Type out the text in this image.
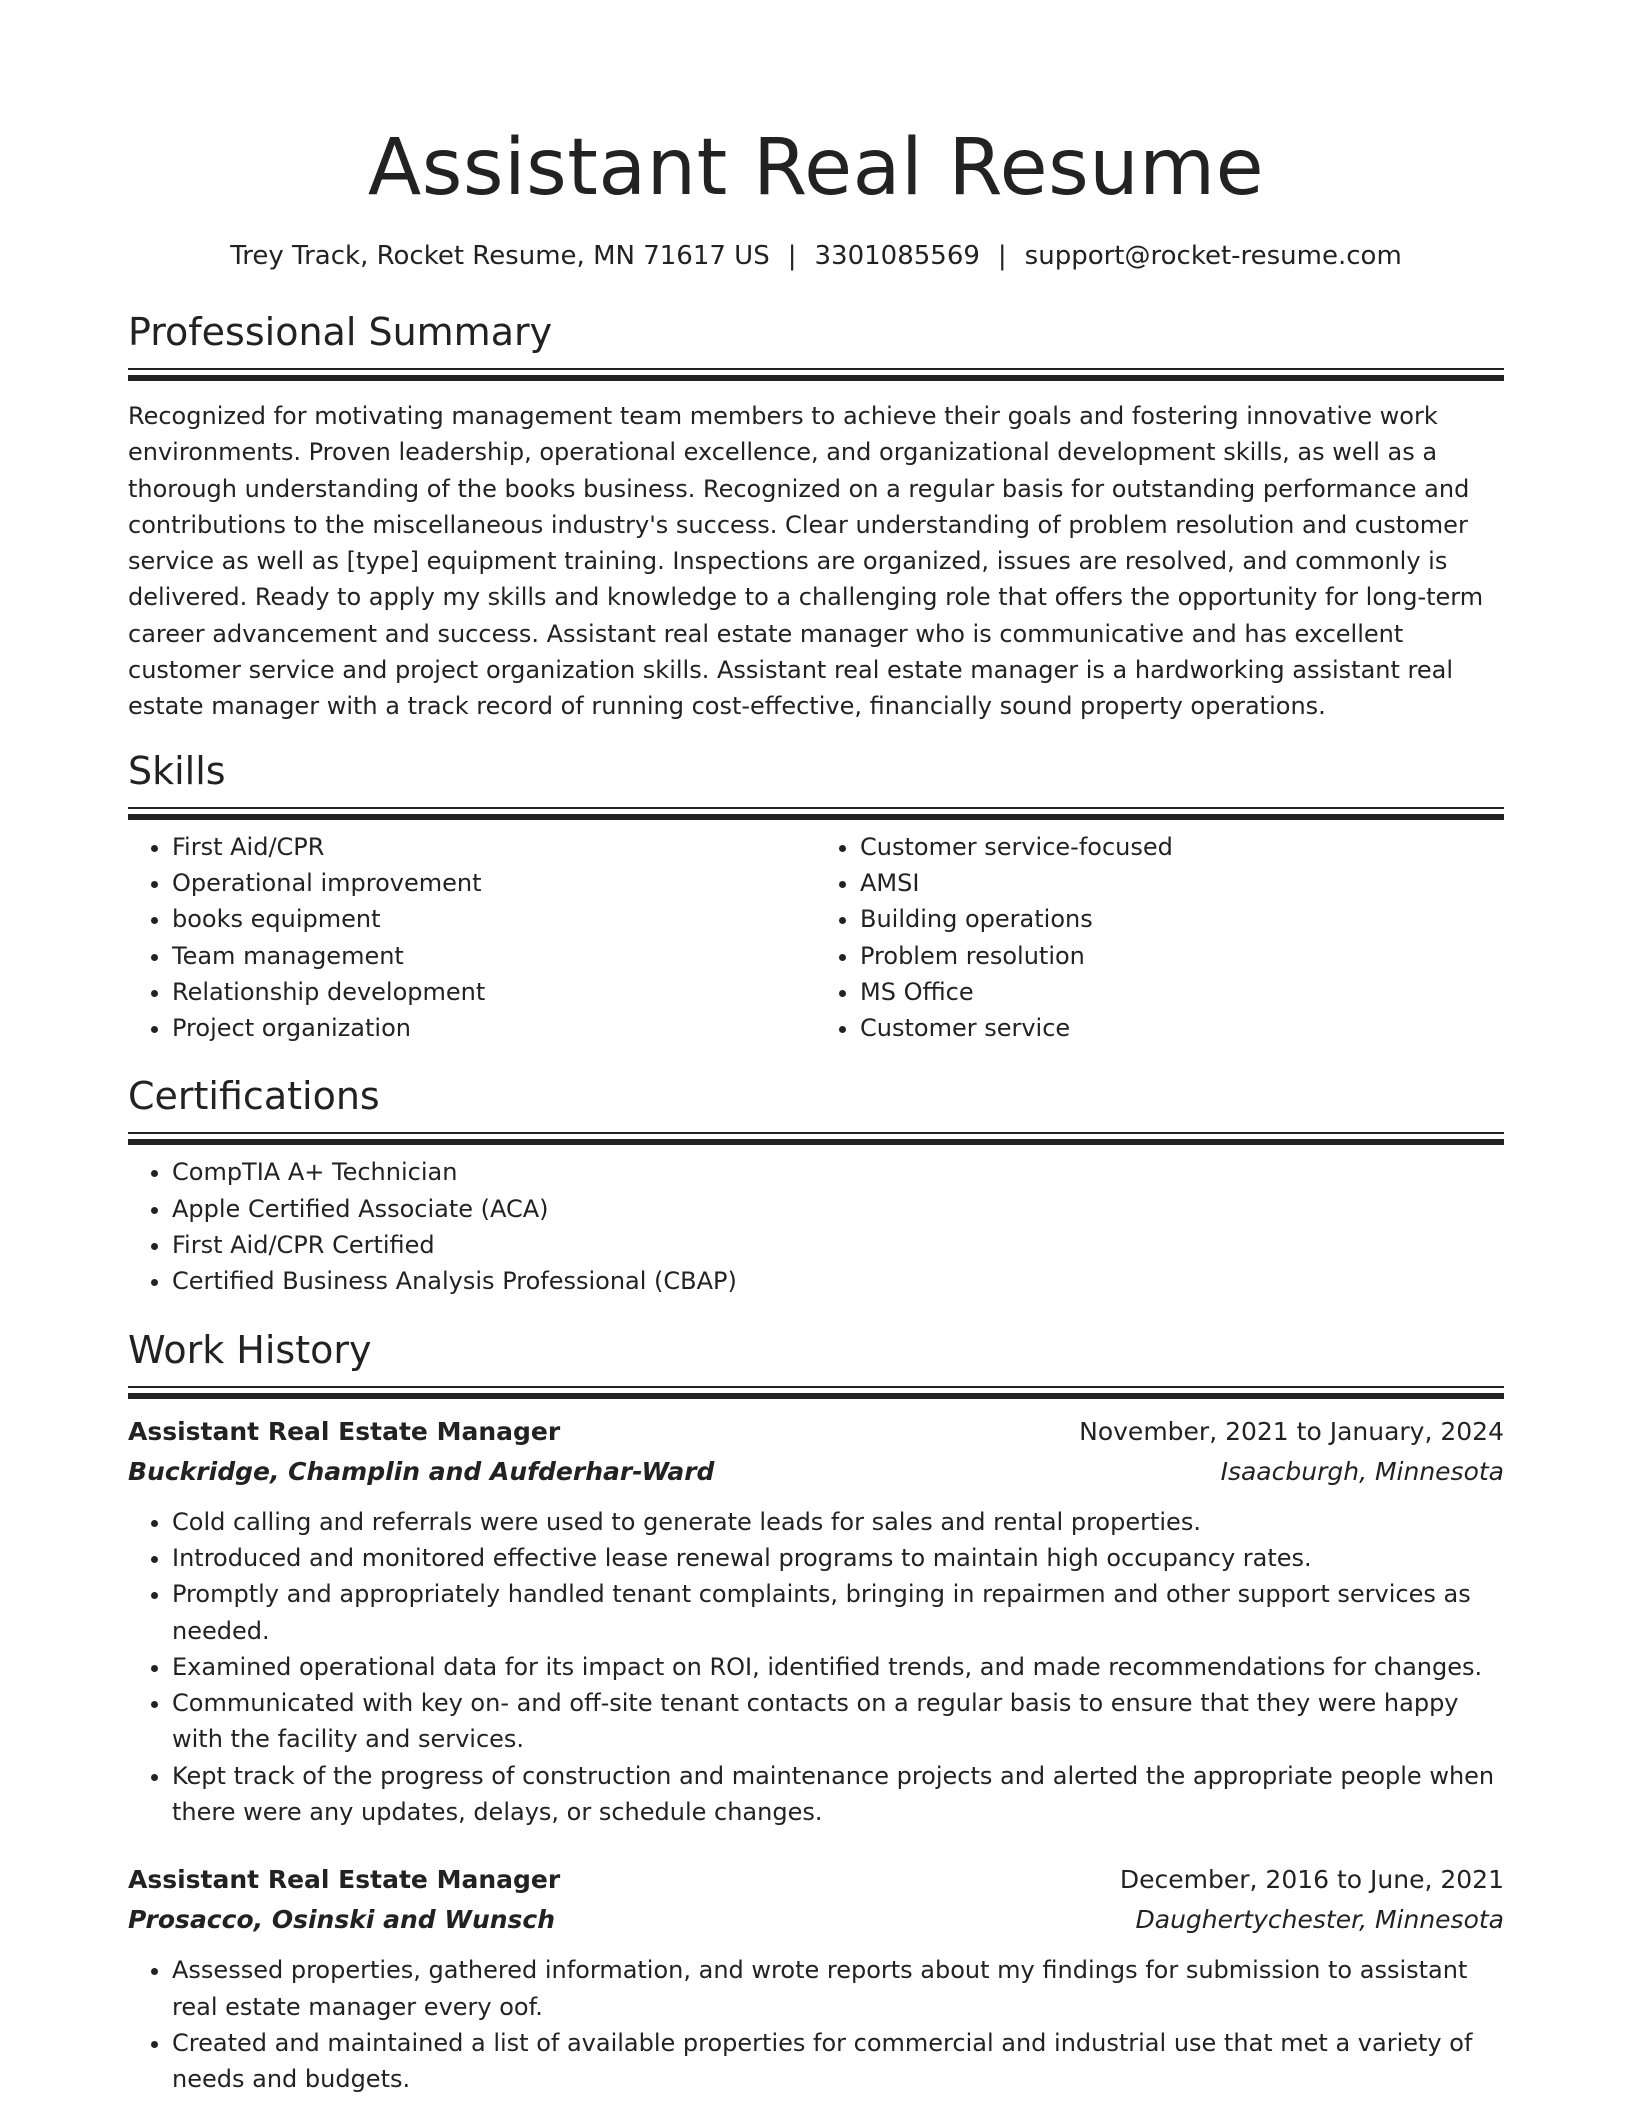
Assistant Real Resume
Trey Track, Rocket Resume, MN 71617 US | 3301085569 | support@rocket-resume.com
Professional Summary

Recognized for motivating management team members to achieve their goals and fostering innovative work environments. Proven leadership, operational excellence, and organizational development skills, as well as a thorough understanding of the books business. Recognized on a regular basis for outstanding performance and contributions to the miscellaneous industry's success. Clear understanding of problem resolution and customer service as well as [type] equipment training. Inspections are organized, issues are resolved, and commonly is delivered. Ready to apply my skills and knowledge to a challenging role that offers the opportunity for long-term career advancement and success. Assistant real estate manager who is communicative and has excellent customer service and project organization skills. Assistant real estate manager is a hardworking assistant real estate manager with a track record of running cost-effective, financially sound property operations.

Skills
• First Aid/CPR
• Operational improvement
• books equipment
• Team management
• Relationship development
• Project organization
• Customer service-focused
• AMSI
• Building operations
• Problem resolution
• MS Office
• Customer service
Certifications
• CompTIA A+ Technician
• Apple Certified Associate (ACA)
• First Aid/CPR Certified
• Certified Business Analysis Professional (CBAP)
Work History
Assistant Real Estate Manager	November, 2021 to January, 2024
Buckridge, Champlin and Aufderhar-Ward	Isaacburgh, Minnesota
• Cold calling and referrals were used to generate leads for sales and rental properties.
• Introduced and monitored effective lease renewal programs to maintain high occupancy rates.
• Promptly and appropriately handled tenant complaints, bringing in repairmen and other support services as needed.
• Examined operational data for its impact on ROI, identified trends, and made recommendations for changes.
• Communicated with key on- and off-site tenant contacts on a regular basis to ensure that they were happy with the facility and services.
• Kept track of the progress of construction and maintenance projects and alerted the appropriate people when there were any updates, delays, or schedule changes.
Assistant Real Estate Manager	December, 2016 to June, 2021
Prosacco, Osinski and Wunsch	Daughertychester, Minnesota
• Assessed properties, gathered information, and wrote reports about my findings for submission to assistant real estate manager every oof.
• Created and maintained a list of available properties for commercial and industrial use that met a variety of needs and budgets.
